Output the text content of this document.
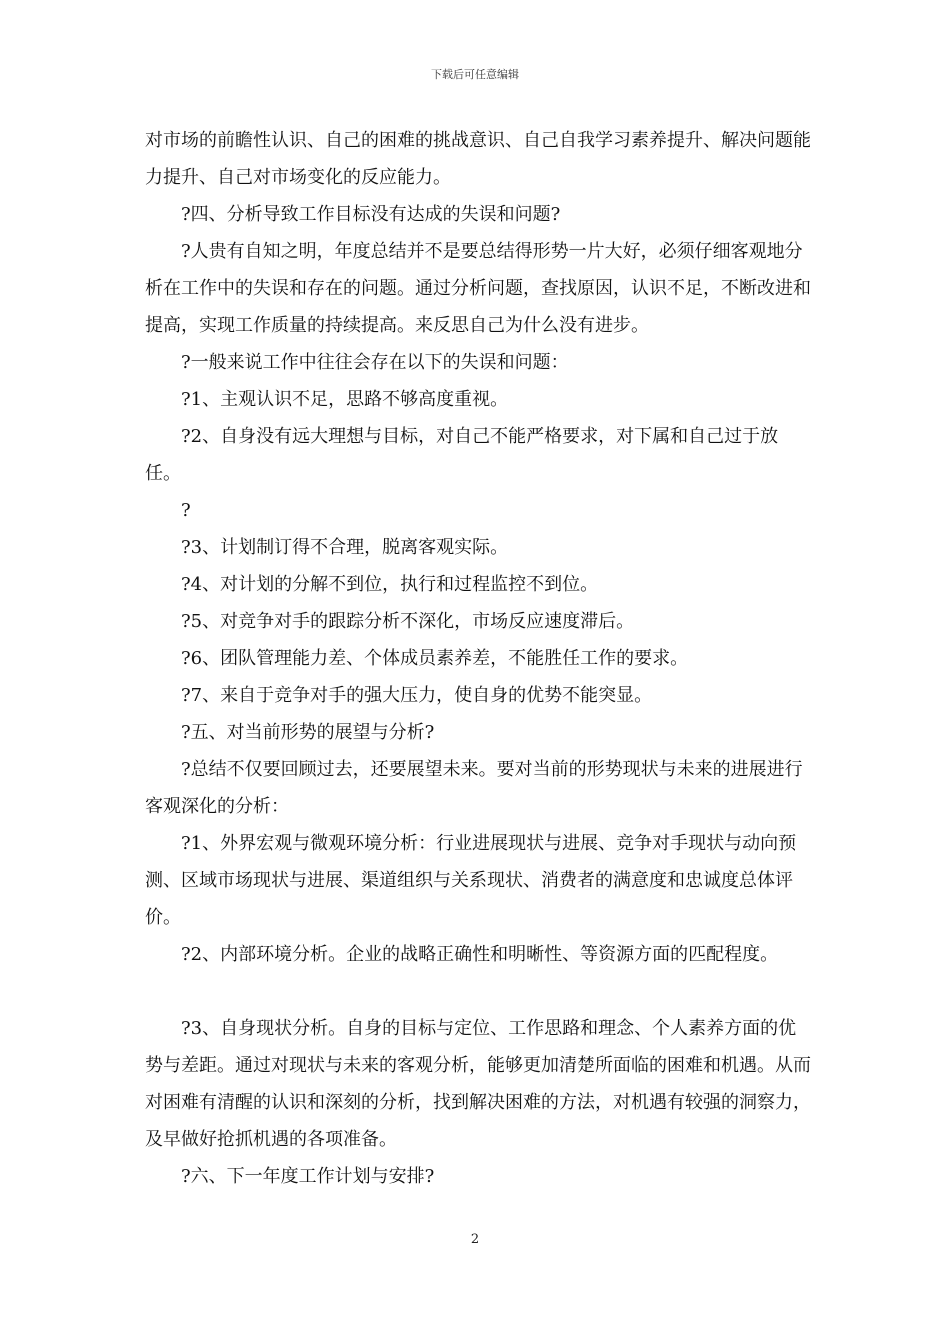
下载后可任意编辑

对市场的前瞻性认识、自己的困难的挑战意识、自己自我学习素养提升、解决问题能力提升、自己对市场变化的反应能力。

?四、分析导致工作目标没有达成的失误和问题?

?人贵有自知之明，年度总结并不是要总结得形势一片大好，必须仔细客观地分析在工作中的失误和存在的问题。通过分析问题，查找原因，认识不足，不断改进和提高，实现工作质量的持续提高。来反思自己为什么没有进步。

?一般来说工作中往往会存在以下的失误和问题：

?1、主观认识不足，思路不够高度重视。

?2、自身没有远大理想与目标，对自己不能严格要求，对下属和自己过于放任。

?

?3、计划制订得不合理，脱离客观实际。

?4、对计划的分解不到位，执行和过程监控不到位。

?5、对竞争对手的跟踪分析不深化，市场反应速度滞后。

?6、团队管理能力差、个体成员素养差，不能胜任工作的要求。

?7、来自于竞争对手的强大压力，使自身的优势不能突显。

?五、对当前形势的展望与分析?

?总结不仅要回顾过去，还要展望未来。要对当前的形势现状与未来的进展进行客观深化的分析：

?1、外界宏观与微观环境分析：行业进展现状与进展、竞争对手现状与动向预测、区域市场现状与进展、渠道组织与关系现状、消费者的满意度和忠诚度总体评价。

?2、内部环境分析。企业的战略正确性和明晰性、等资源方面的匹配程度。

?3、自身现状分析。自身的目标与定位、工作思路和理念、个人素养方面的优势与差距。通过对现状与未来的客观分析，能够更加清楚所面临的困难和机遇。从而对困难有清醒的认识和深刻的分析，找到解决困难的方法，对机遇有较强的洞察力，及早做好抢抓机遇的各项准备。

?六、下一年度工作计划与安排?

2
